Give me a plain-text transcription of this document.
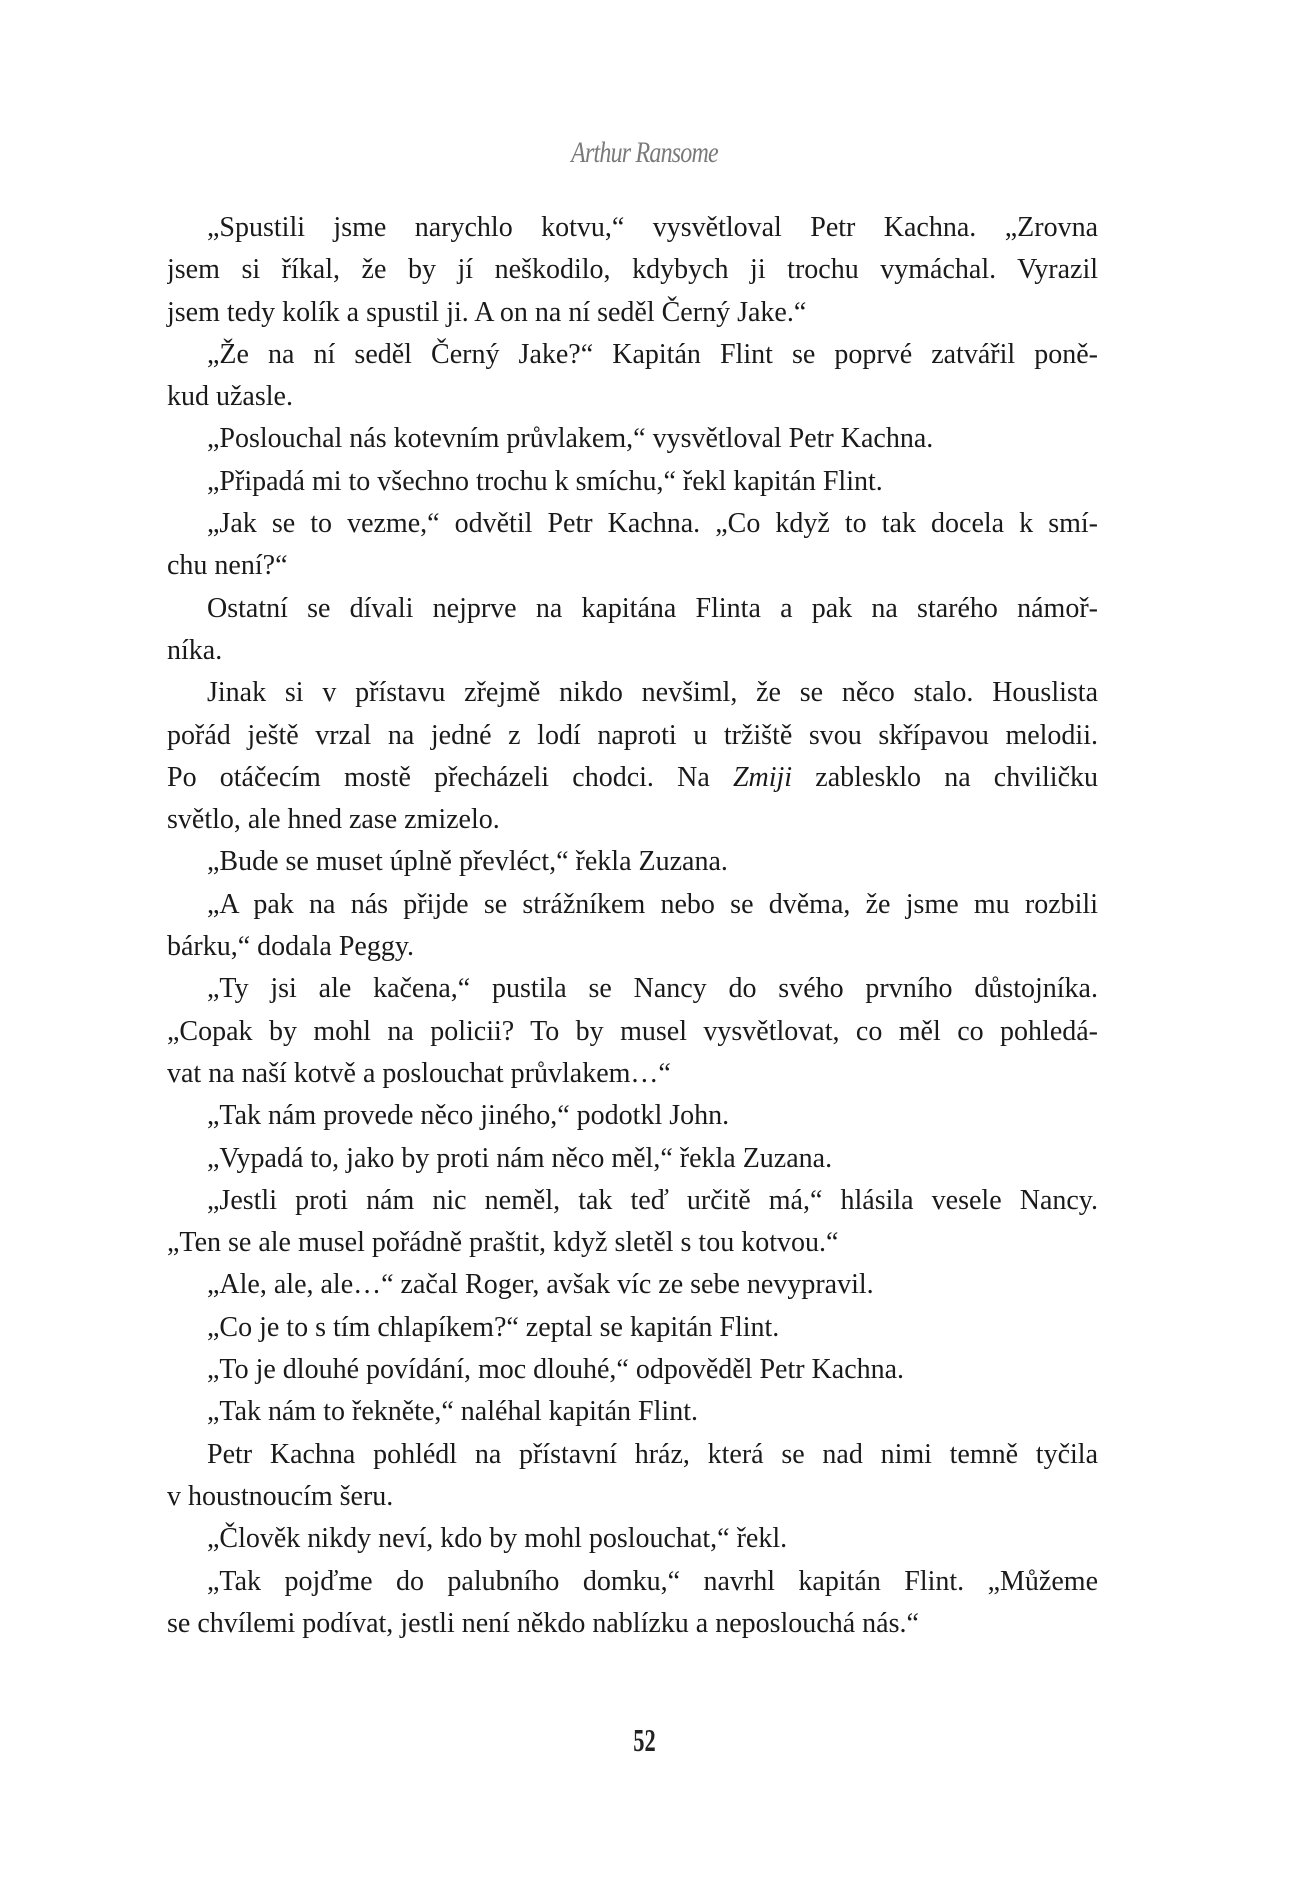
Arthur Ransome
„Spustili jsme narychlo kotvu,“ vysvětloval Petr Kachna. „Zrovna
jsem si říkal, že by jí neškodilo, kdybych ji trochu vymáchal. Vyrazil
jsem tedy kolík a spustil ji. A on na ní seděl Černý Jake.“
„Že na ní seděl Černý Jake?“ Kapitán Flint se poprvé zatvářil poně-
kud užasle.
„Poslouchal nás kotevním průvlakem,“ vysvětloval Petr Kachna.
„Připadá mi to všechno trochu k smíchu,“ řekl kapitán Flint.
„Jak se to vezme,“ odvětil Petr Kachna. „Co když to tak docela k smí-
chu není?“
Ostatní se dívali nejprve na kapitána Flinta a pak na starého námoř-
níka.
Jinak si v přístavu zřejmě nikdo nevšiml, že se něco stalo. Houslista
pořád ještě vrzal na jedné z lodí naproti u tržiště svou skřípavou melodii.
Po otáčecím mostě přecházeli chodci. Na Zmiji zablesklo na chviličku
světlo, ale hned zase zmizelo.
„Bude se muset úplně převléct,“ řekla Zuzana.
„A pak na nás přijde se strážníkem nebo se dvěma, že jsme mu rozbili
bárku,“ dodala Peggy.
„Ty jsi ale kačena,“ pustila se Nancy do svého prvního důstojníka.
„Copak by mohl na policii? To by musel vysvětlovat, co měl co pohledá-
vat na naší kotvě a poslouchat průvlakem…“
„Tak nám provede něco jiného,“ podotkl John.
„Vypadá to, jako by proti nám něco měl,“ řekla Zuzana.
„Jestli proti nám nic neměl, tak teď určitě má,“ hlásila vesele Nancy.
„Ten se ale musel pořádně praštit, když sletěl s tou kotvou.“
„Ale, ale, ale…“ začal Roger, avšak víc ze sebe nevypravil.
„Co je to s tím chlapíkem?“ zeptal se kapitán Flint.
„To je dlouhé povídání, moc dlouhé,“ odpověděl Petr Kachna.
„Tak nám to řekněte,“ naléhal kapitán Flint.
Petr Kachna pohlédl na přístavní hráz, která se nad nimi temně tyčila
v houstnoucím šeru.
„Člověk nikdy neví, kdo by mohl poslouchat,“ řekl.
„Tak pojďme do palubního domku,“ navrhl kapitán Flint. „Můžeme
se chvílemi podívat, jestli není někdo nablízku a neposlouchá nás.“
52
